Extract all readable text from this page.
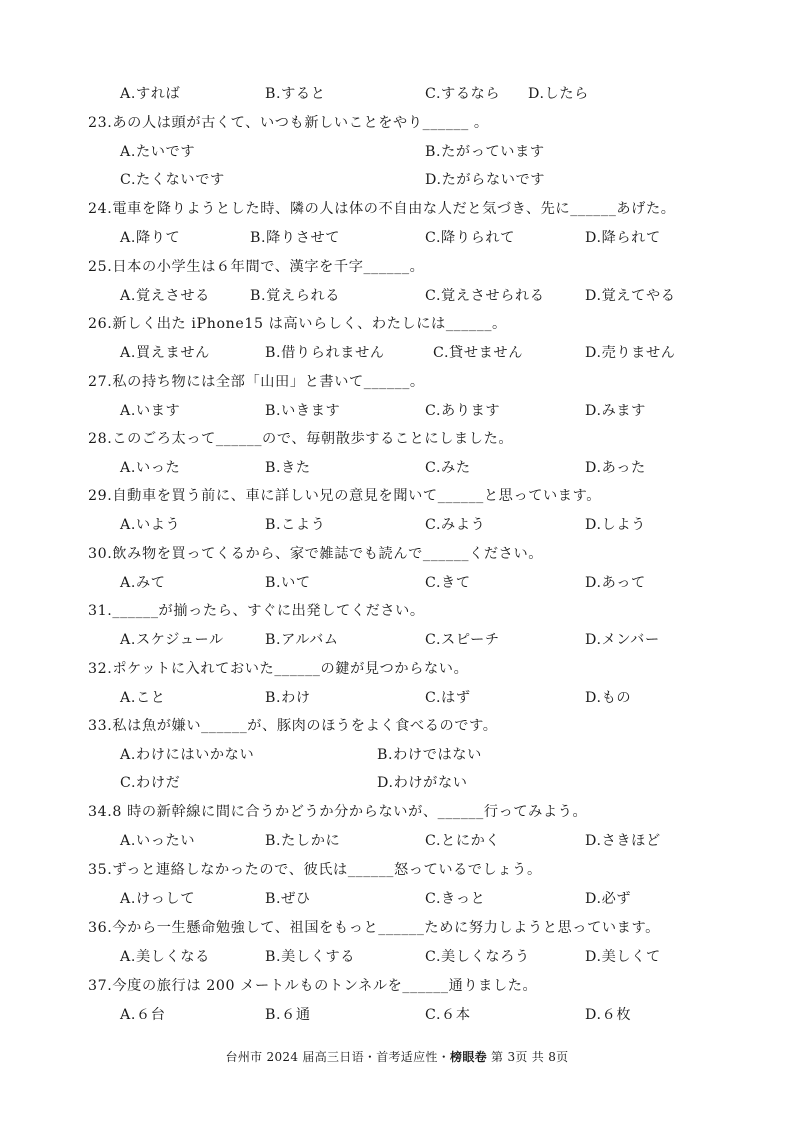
A.すれば	B.すると	C.するなら D.したら
23.あの人は頭が古くて、いつも新しいことをやり______ 。
A.たいです	B.たがっています
C.たくないです	D.たがらないです
24.電車を降りようとした時、隣の人は体の不自由な人だと気づき、先に______あげた。
A.降りて	B.降りさせて	C.降りられて	D.降られて
25.日本の小学生は６年間で、漢字を千字______。
A.覚えさせる	B.覚えられる	C.覚えさせられる	D.覚えてやる
26.新しく出た iPhone15 は高いらしく、わたしには______。
A.買えません	B.借りられません	C.貸せません	D.売りません
27.私の持ち物には全部「山田」と書いて______。
A.います	B.いきます	C.あります	D.みます
28.このごろ太って______ので、毎朝散歩することにしました。
A.いった	B.きた	C.みた	D.あった
29.自動車を買う前に、車に詳しい兄の意見を聞いて______と思っています。
A.いよう	B.こよう	C.みよう	D.しよう
30.飲み物を買ってくるから、家で雑誌でも読んで______ください。
A.みて	B.いて	C.きて	D.あって
31.______が揃ったら、すぐに出発してください。
A.スケジュール	B.アルバム	C.スピーチ	D.メンバー
32.ポケットに入れておいた______の鍵が見つからない。
A.こと	B.わけ	C.はず	D.もの
33.私は魚が嫌い______が、豚肉のほうをよく食べるのです。
A.わけにはいかない	B.わけではない
C.わけだ	D.わけがない
34.8 時の新幹線に間に合うかどうか分からないが、______行ってみよう。
A.いったい	B.たしかに	C.とにかく	D.さきほど
35.ずっと連絡しなかったので、彼氏は______怒っているでしょう。
A.けっして	B.ぜひ	C.きっと	D.必ず
36.今から一生懸命勉強して、祖国をもっと______ために努力しようと思っています。
A.美しくなる	B.美しくする	C.美しくなろう	D.美しくて
37.今度の旅行は 200 メートルものトンネルを______通りました。
A.６台	B.６通	C.６本	D.６枚
台州市 2024 届高三日语・首考适应性・榜眼卷 第 3页 共 8页
